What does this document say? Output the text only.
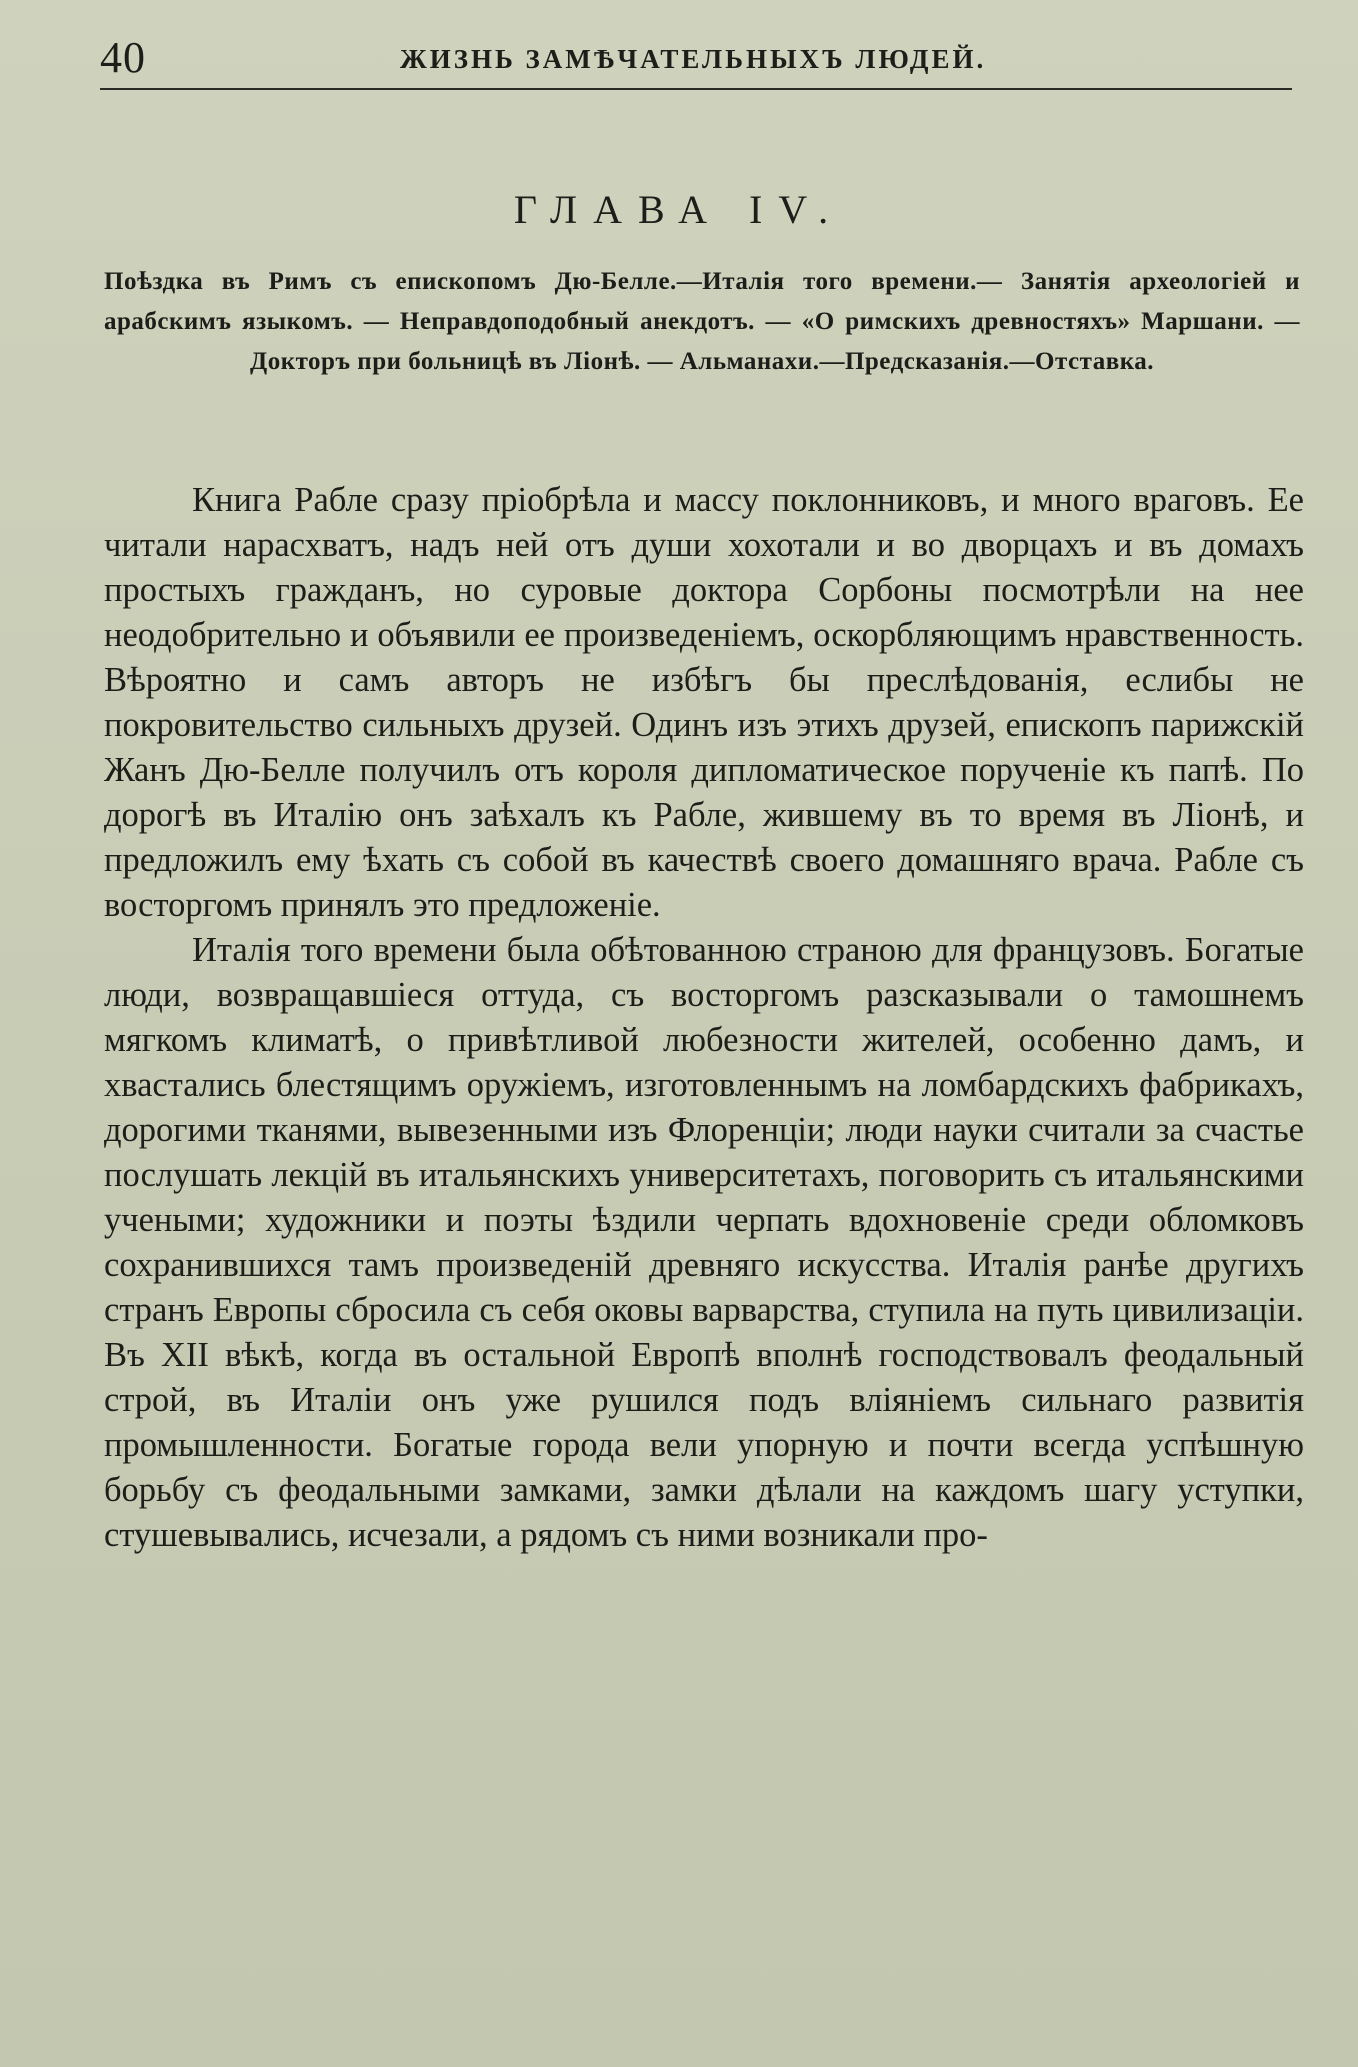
40	ЖИЗНЬ ЗАМѢЧАТЕЛЬНЫХЪ ЛЮДЕЙ.
ГЛАВА IV.
Поѣздка въ Римъ съ епископомъ Дю-Белле.—Италія того времени.— Занятія археологіей и арабскимъ языкомъ. — Неправдоподобный анекдотъ. — «О римскихъ древностяхъ» Маршани. —Докторъ при больницѣ въ Ліонѣ. — Альманахи.—Предсказанія.—Отставка.

Книга Рабле сразу пріобрѣла и массу поклонниковъ, и много враговъ. Ее читали нарасхватъ, надъ ней отъ души хохотали и во дворцахъ и въ домахъ простыхъ гражданъ, но суровые доктора Сорбоны посмотрѣли на нее неодобрительно и объявили ее произведеніемъ, оскорбляющимъ нравственность. Вѣроятно и самъ авторъ не избѣгъ бы преслѣдованія, еслибы не покровительство сильныхъ друзей. Одинъ изъ этихъ друзей, епископъ парижскій Жанъ Дю-Белле получилъ отъ короля дипломатическое порученіе къ папѣ. По дорогѣ въ Италію онъ заѣхалъ къ Рабле, жившему въ то время въ Ліонѣ, и предложилъ ему ѣхать съ собой въ качествѣ своего домашняго врача. Рабле съ восторгомъ принялъ это предложеніе.

Италія того времени была обѣтованною страною для французовъ. Богатые люди, возвращавшіеся оттуда, съ восторгомъ разсказывали о тамошнемъ мягкомъ климатѣ, о привѣтливой любезности жителей, особенно дамъ, и хвастались блестящимъ оружіемъ, изготовленнымъ на ломбардскихъ фабрикахъ, дорогими тканями, вывезенными изъ Флоренціи; люди науки считали за счастье послушать лекцій въ итальянскихъ университетахъ, поговорить съ итальянскими учеными; художники и поэты ѣздили черпать вдохновеніе среди обломковъ сохранившихся тамъ произведеній древняго искусства. Италія ранѣе другихъ странъ Европы сбросила съ себя оковы варварства, ступила на путь цивилизаціи. Въ XII вѣкѣ, когда въ остальной Европѣ вполнѣ господствовалъ феодальный строй, въ Италіи онъ уже рушился подъ вліяніемъ сильнаго развитія промышленности. Богатые города вели упорную и почти всегда успѣшную борьбу съ феодальными замками, замки дѣлали на каждомъ шагу уступки, стушевывались, исчезали, а рядомъ съ ними возникали про-
